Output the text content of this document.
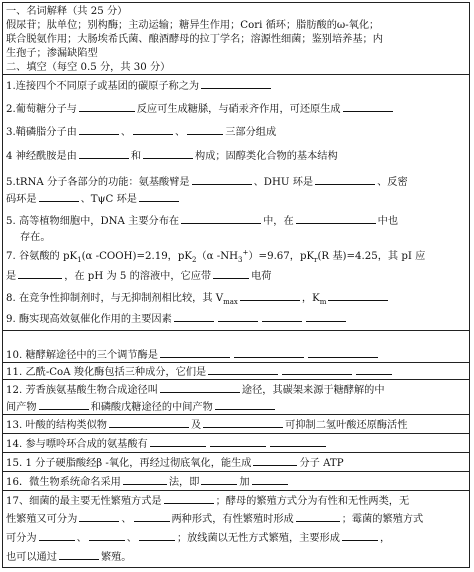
一、名词解释（共 25 分）
假尿苷；肽单位；别构酶；主动运输；糖异生作用；Cori 循环；脂肪酸的ω-氧化；
联合脱氨作用；大肠埃希氏菌、酿酒酵母的拉丁学名；溶源性细菌；鉴别培养基；内
生孢子；渗漏缺陷型
二、填空（每空 0.5 分，共 30 分）
1.连接四个不同原子或基团的碳原子称之为
2.葡萄糖分子与	反应可生成糖脎，与硝汞齐作用，可还原生成
3.鞘磷脂分子由	、	、	三部分组成
4 神经酰胺是由	和	构成；固醇类化合物的基本结构
5.tRNA 分子各部分的功能：氨基酸臂是	、DHU 环是	、反密
码环是	、TψC 环是
5. 高等植物细胞中，DNA 主要分布在	中，在	中也
存在。
7. 谷氨酸的 $pK_1(\alpha$ -COOH)=2.19，$pK_2(\alpha$ $-NH_3^+)=9.67$，$pK_r(R$ 基)=4.25，其 pI 应
是	，在 pH 为 5 的溶液中，它应带	电荷
8. 在竞争性抑制剂时，与无抑制剂相比较，其 $V_{max}$	，$K_m$
9. 酶实现高效氨催化作用的主要因素
10. 糖酵解途径中的三个调节酶是
11. 乙酰-CoA 羧化酶包括三种成分，它们是
12. 芳香族氨基酸生物合成途径叫	途径，其碳架来源于糖酵解的中
间产物	和磷酸戊糖途径的中间产物
13. 叶酸的结构类似物	及	可抑制二氢叶酸还原酶活性
14. 参与嘌呤环合成的氨基酸有
15. 1 分子硬脂酸经β -氧化，再经过彻底氧化，能生成	分子 ATP
16．微生物系统命名采用	法，即	加
17、细菌的最主要无性繁殖方式是	；酵母的繁殖方式分为有性和无性两类，无
性繁殖又可分为	、	两种形式，有性繁殖时形成	；霉菌的繁殖方式
可分为	、	、	；放线菌以无性方式繁殖，主要形成	，
也可以通过	繁殖。
